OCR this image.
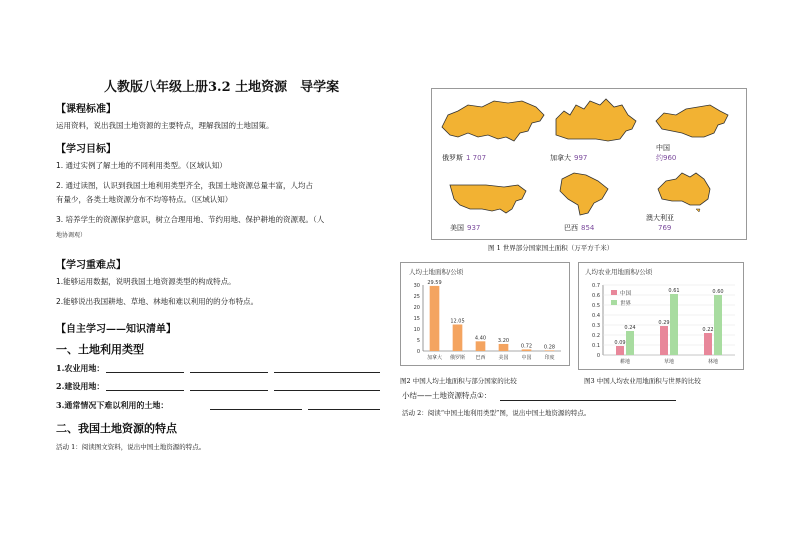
人教版八年级上册3.2 土地资源　导学案
【课程标准】
运用资料，说出我国土地资源的主要特点，理解我国的土地国策。
【学习目标】
1. 通过实例了解土地的不同利用类型。（区域认知）
2. 通过读图，认识到我国土地利用类型齐全，我国土地资源总量丰富，人均占
有量少，各类土地资源分布不均等特点。（区域认知）
3. 培养学生的资源保护意识，树立合理用地、节约用地、保护耕地的资源观。（人
地协调观）
【学习重难点】
1.能够运用数据，说明我国土地资源类型的构成特点。
2.能够说出我国耕地、草地、林地和难以利用的的分布特点。
【自主学习——知识清单】
一、土地利用类型
1.农业用地：
2.建设用地：
3.通常情况下难以利用的土地：
二、我国土地资源的特点
活动 1：阅读图文资料，说出中国土地资源的特点。
俄罗斯 1 707	加拿大 997
中国
约960
美国 937	巴西 854
澳大利亚
769
图 1 世界部分国家国土面积（万平方千米）
人均土地面积/公顷
0
5
10
15
20
25
30
29.59
加拿大
12.05
俄罗斯
4.40
巴西
3.20
美国
0.72
中国
0.28
印度
图2 中国人均土地面积与部分国家的比较
人均农业用地面积/公顷
0
0.1
0.2
0.3
0.4
0.5
0.6
0.7
中国
世界
0.09
0.24
耕地
0.29
0.61
草地
0.22
0.60
林地
图3 中国人均农业用地面积与世界的比较
小结——土地资源特点①：
活动 2：阅读“中国土地利用类型”图，说出中国土地资源的特点。
